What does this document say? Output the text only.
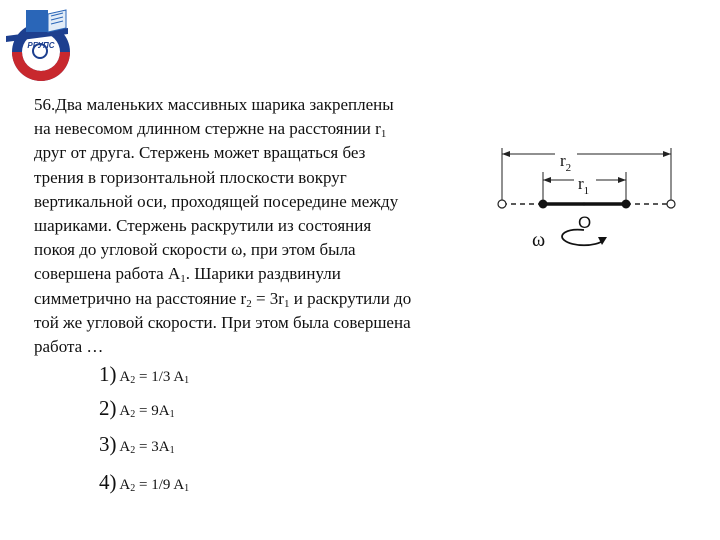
РГУПС
56.Два маленьких массивных шарика закреплены
на невесомом длинном стержне на расстоянии $r_1$
друг от друга. Стержень может вращаться без
трения в горизонтальной плоскости вокруг
вертикальной оси, проходящей посередине между
шариками. Стержень раскрутили из состояния
покоя до угловой скорости ω, при этом была
совершена работа $А_1$. Шарики раздвинули
симметрично на расстояние $r_2 = 3r_1$ и раскрутили до
той же угловой скорости. При этом была совершена
работа …
1) $A_2 = 1/3$ $A_1$
2) $A_2 = 9A_1$
3) $A_2 = 3A_1$
4) $A_2 = 1/9$ $A_1$
$r_2$
$r_1$
O
ω
